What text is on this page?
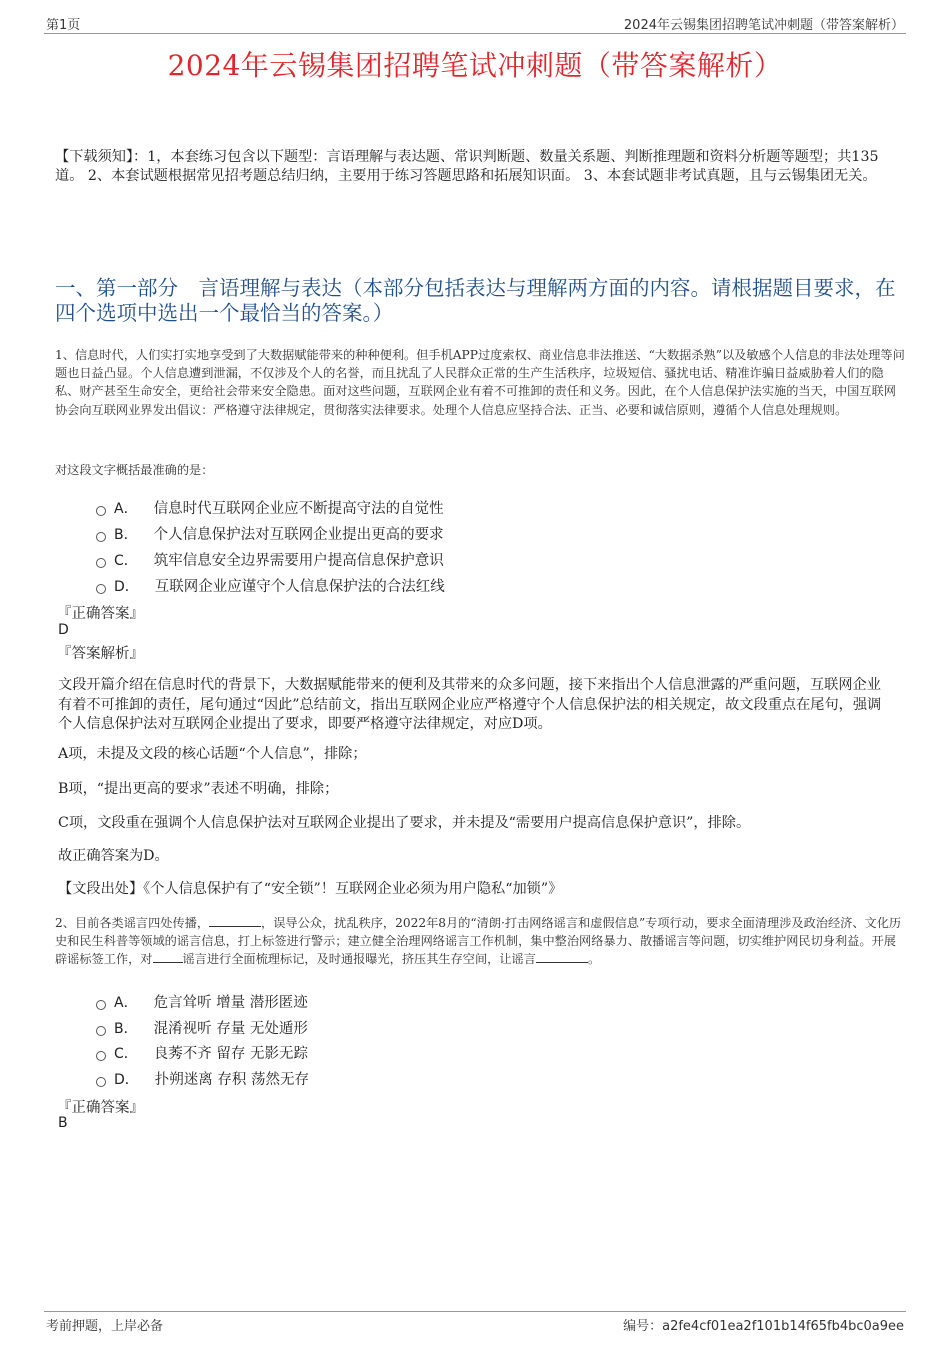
第1页	2024年云锡集团招聘笔试冲刺题（带答案解析）
2024年云锡集团招聘笔试冲刺题（带答案解析）
【下载须知】：1，本套练习包含以下题型：言语理解与表达题、常识判断题、数量关系题、判断推理题和资料分析题等题型；共135道。 2、本套试题根据常见招考题总结归纳，主要用于练习答题思路和拓展知识面。 3、本套试题非考试真题，且与云锡集团无关。
一、第一部分　言语理解与表达（本部分包括表达与理解两方面的内容。请根据题目要求，在四个选项中选出一个最恰当的答案。）
1、信息时代，人们实打实地享受到了大数据赋能带来的种种便利。但手机APP过度索权、商业信息非法推送、“大数据杀熟”以及敏感个人信息的非法处理等问题也日益凸显。个人信息遭到泄漏，不仅涉及个人的名誉，而且扰乱了人民群众正常的生产生活秩序，垃圾短信、骚扰电话、精准诈骗日益威胁着人们的隐私、财产甚至生命安全，更给社会带来安全隐患。面对这些问题，互联网企业有着不可推卸的责任和义务。因此，在个人信息保护法实施的当天，中国互联网协会向互联网业界发出倡议：严格遵守法律规定，贯彻落实法律要求。处理个人信息应坚持合法、正当、必要和诚信原则，遵循个人信息处理规则。
对这段文字概括最准确的是：
A． 信息时代互联网企业应不断提高守法的自觉性
B． 个人信息保护法对互联网企业提出更高的要求
C． 筑牢信息安全边界需要用户提高信息保护意识
D． 互联网企业应谨守个人信息保护法的合法红线
『正确答案』
D
『答案解析』
文段开篇介绍在信息时代的背景下，大数据赋能带来的便利及其带来的众多问题，接下来指出个人信息泄露的严重问题，互联网企业有着不可推卸的责任，尾句通过“因此”总结前文，指出互联网企业应严格遵守个人信息保护法的相关规定，故文段重点在尾句，强调个人信息保护法对互联网企业提出了要求，即要严格遵守法律规定，对应D项。
A项，未提及文段的核心话题“个人信息”，排除；
B项，“提出更高的要求”表述不明确，排除；
C项，文段重在强调个人信息保护法对互联网企业提出了要求，并未提及“需要用户提高信息保护意识”，排除。
故正确答案为D。
【文段出处】《个人信息保护有了“安全锁”！互联网企业必须为用户隐私“加锁”》
2、目前各类谣言四处传播，	，误导公众，扰乱秩序，2022年8月的“清朗·打击网络谣言和虚假信息”专项行动，要求全面清理涉及政治经济、文化历史和民生科普等领域的谣言信息，打上标签进行警示；建立健全治理网络谣言工作机制，集中整治网络暴力、散播谣言等问题，切实维护网民切身利益。开展辟谣标签工作，对 谣言进行全面梳理标记，及时通报曝光，挤压其生存空间，让谣言	。
A． 危言耸听 增量 潜形匿迹
B． 混淆视听 存量 无处遁形
C． 良莠不齐 留存 无影无踪
D． 扑朔迷离 存积 荡然无存
『正确答案』
B
考前押题，上岸必备	编号：a2fe4cf01ea2f101b14f65fb4bc0a9ee
